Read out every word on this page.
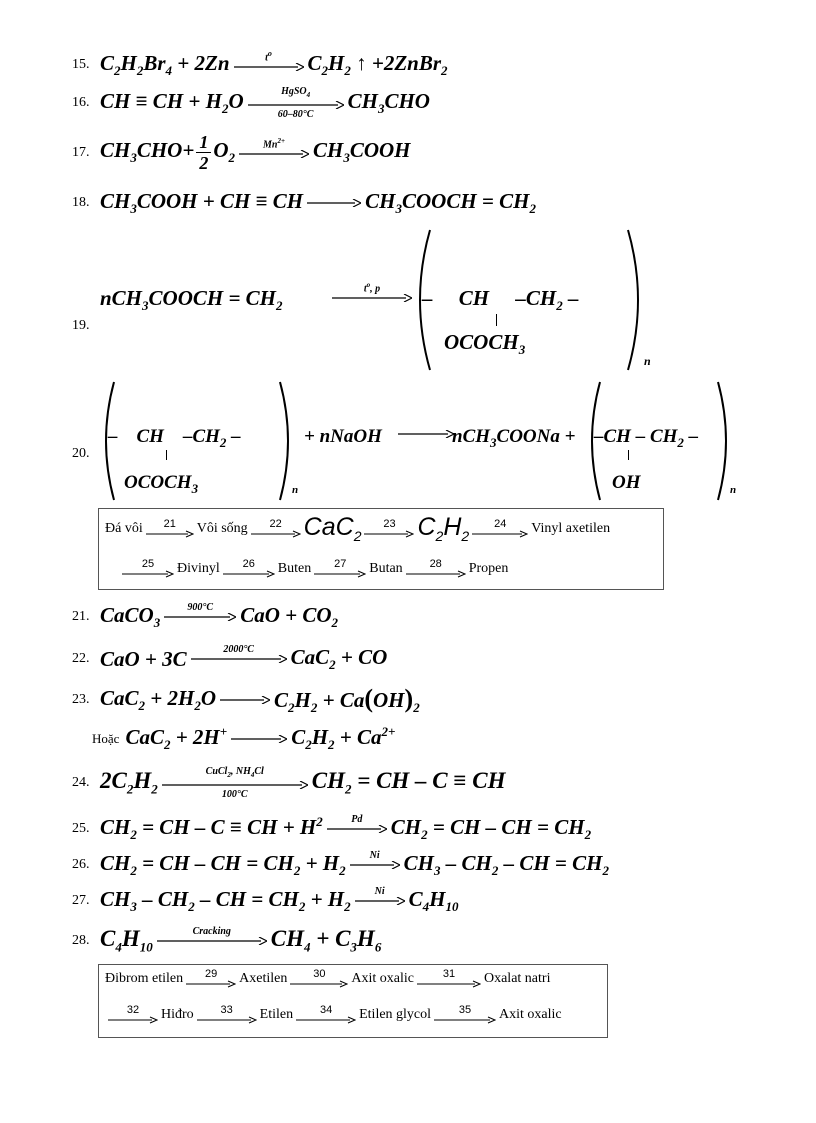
15. $C_2H_2Br_4 + 2Zn$	$t^o$ $C_2H_2$ ↑ +2ZnBr$_2$
16. CH ≡ CH + $H_2O$	HgSO$_4$
60–80°C
$CH_3CHO$
17. $CH_3CHO+ \frac{1}{2} O_2$
$Mn^{2+}$ $CH_3COOH$
18. $CH_3COOH$ + CH ≡ CH → $CH_3COOCH = CH_2$
19.
nCH$_3$COOCH = $CH_2$
$t^o$, p –     CH     $-CH_2$ –
$OCOCH_3$
n
20.
–    CH    $-CH_2$ –
$OCOCH_3$	n
+ nNaOH →
nCH$_3$COONa + $-CH - CH_2$ –
OH	n
Đá vôi 21 Vôi sống 22 CaC$_2$
23 $C_2H_2$
24 Vinyl axetilen
25 Đivinyl 26 Buten 27 Butan 28 Propen
21. CaCO$_3$
900°C CaO + $CO_2$
22. CaO + 3C	2000°C CaC$_2$ + CO
23. $CaC_2 + 2H_2O \to C_2H_2 + Ca(OH)_2$
Hoặc $CaC_2 + 2H^+ \to C_2H_2 + Ca^{2+}$
24. $2C_2H_2$
CuCl$_2$, $NH_4Cl$
100°C
$CH_2$ = CH – C ≡ CH
25. $CH_2$ = CH – C ≡ CH + $H^2$	Pd $CH_2$ = CH – CH = $CH_2$
26. $CH_2$ = CH – CH = $CH_2 + H_2$
Ni $CH_3 - CH_2$ – CH = $CH_2$
27. $CH_3 - CH_2$ – CH = $CH_2 + H_2$
Ni $C_4H_{10}$
28. $C_4H_{10}$
Cracking $CH_4 + C_3H_6$
Đibrom etilen 29 Axetilen 30 Axit oxalic	31 Oxalat natri
32 Hiđro 33 Etilen 34 Etilen glycol	35 Axit oxalic
